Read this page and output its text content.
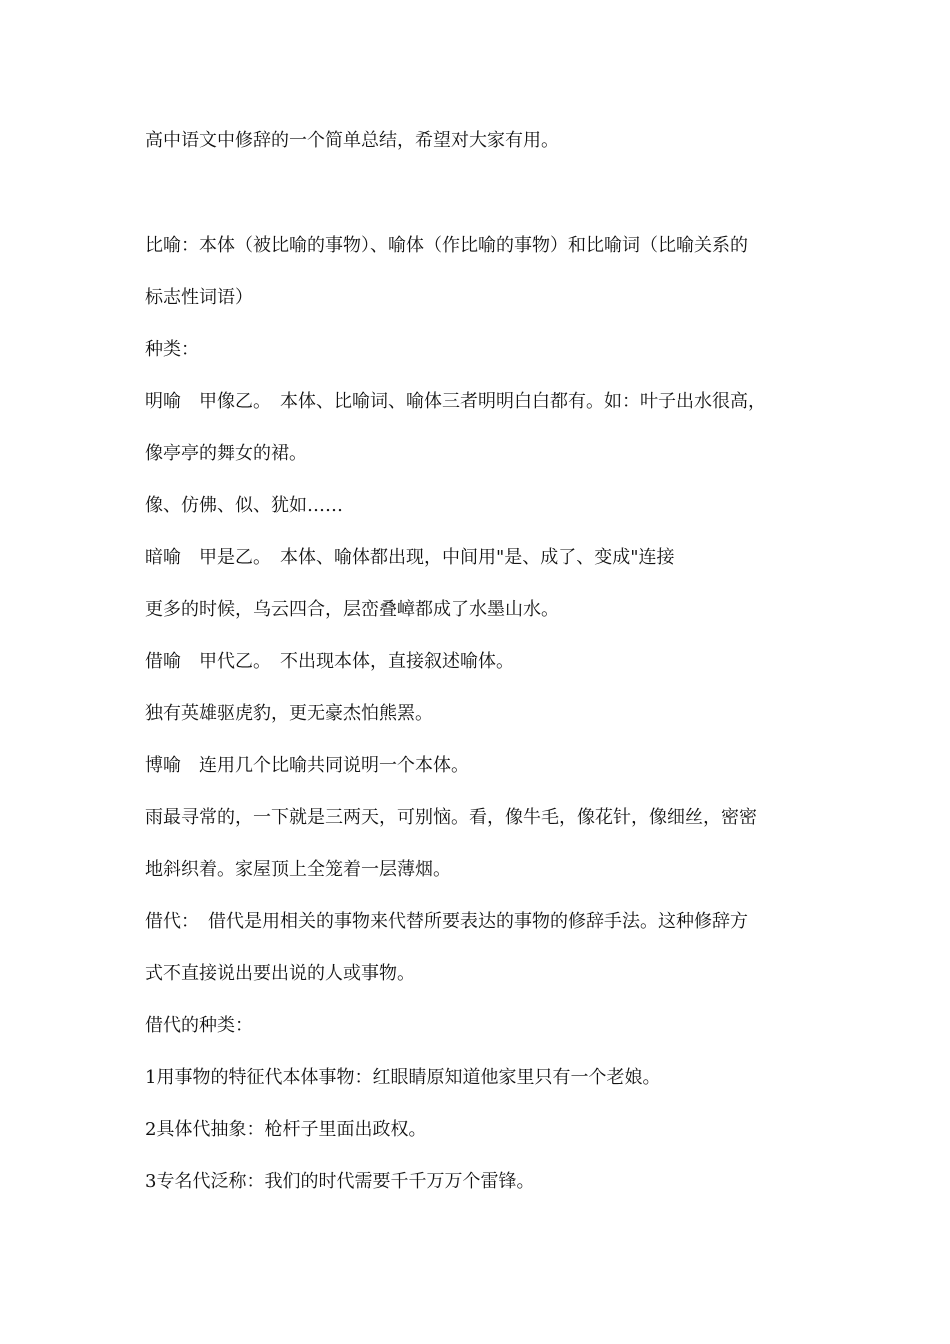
高中语文中修辞的一个简单总结，希望对大家有用。
比喻：本体（被比喻的事物）、喻体（作比喻的事物）和比喻词（比喻关系的
标志性词语）
种类：
明喻　甲像乙。　本体、比喻词、喻体三者明明白白都有。如：叶子出水很高，
像亭亭的舞女的裙。
像、仿佛、似、犹如……
暗喻　甲是乙。　本体、喻体都出现，中间用"是、成了、变成"连接
更多的时候，乌云四合，层峦叠嶂都成了水墨山水。
借喻　甲代乙。　不出现本体，直接叙述喻体。
独有英雄驱虎豹，更无豪杰怕熊罴。
博喻　连用几个比喻共同说明一个本体。
雨最寻常的，一下就是三两天，可别恼。看，像牛毛，像花针，像细丝，密密
地斜织着。家屋顶上全笼着一层薄烟。
借代：　借代是用相关的事物来代替所要表达的事物的修辞手法。这种修辞方
式不直接说出要出说的人或事物。
借代的种类：
1用事物的特征代本体事物：红眼睛原知道他家里只有一个老娘。
2具体代抽象：枪杆子里面出政权。
3专名代泛称：我们的时代需要千千万万个雷锋。
